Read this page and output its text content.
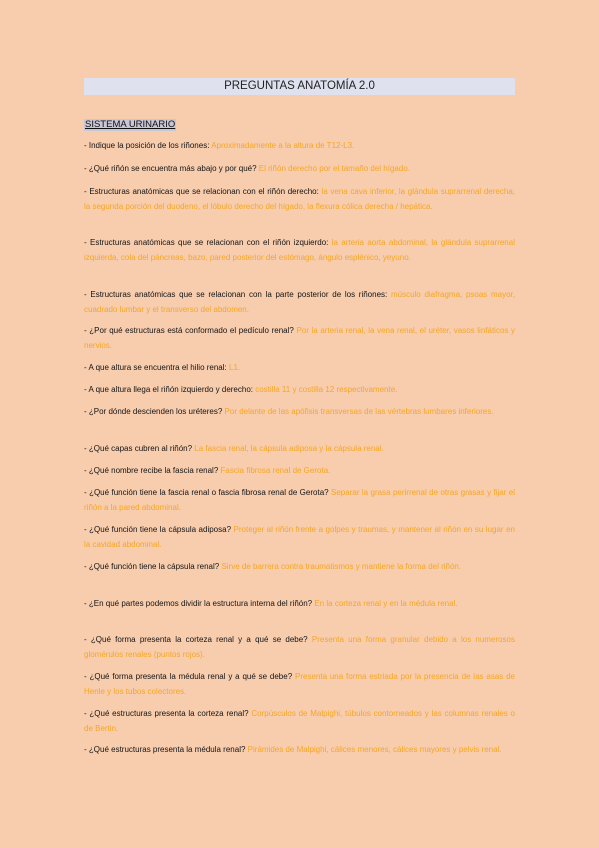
PREGUNTAS ANATOMÍA 2.0
SISTEMA URINARIO

- Indique la posición de los riñones: Aproximadamente a la altura de T12-L3.

- ¿Qué riñón se encuentra más abajo y por qué? El riñón derecho por el tamaño del hígado.

- Estructuras anatómicas que se relacionan con el riñón derecho: la vena cava inferior, la glándula suprarrenal derecha, la segunda porción del duodeno, el lóbulo derecho del hígado, la flexura cólica derecha / hepática.

- Estructuras anatómicas que se relacionan con el riñón izquierdo: la arteria aorta abdominal, la glándula suprarrenal izquierda, cola del páncreas, bazo, pared posterior del estómago, ángulo esplénico, yeyuno.

- Estructuras anatómicas que se relacionan con la parte posterior de los riñones: músculo diafragma, psoas mayor, cuadrado lumbar y el transverso del abdomen.

- ¿Por qué estructuras está conformado el pedículo renal? Por la arteria renal, la vena renal, el uréter, vasos linfáticos y nervios.

- A que altura se encuentra el hilio renal: L1.

- A que altura llega el riñón izquierdo y derecho: costilla 11 y costilla 12 respectivamente.

- ¿Por dónde descienden los uréteres? Por delante de las apófisis transversas de las vértebras lumbares inferiores.

- ¿Qué capas cubren al riñón? La fascia renal, la cápsula adiposa y la cápsula renal.

- ¿Qué nombre recibe la fascia renal? Fascia fibrosa renal de Gerota.

- ¿Qué función tiene la fascia renal o fascia fibrosa renal de Gerota? Separar la grasa perirrenal de otras grasas y fijar el riñón a la pared abdominal.

- ¿Qué función tiene la cápsula adiposa? Proteger al riñón frente a golpes y traumas, y mantener al riñón en su lugar en la cavidad abdominal.

- ¿Qué función tiene la cápsula renal? Sirve de barrera contra traumatismos y mantiene la forma del riñón.

- ¿En qué partes podemos dividir la estructura interna del riñón? En la corteza renal y en la médula renal.

- ¿Qué forma presenta la corteza renal y a qué se debe? Presenta una forma granular debido a los numerosos glomérulos renales (puntos rojos).

- ¿Qué forma presenta la médula renal y a qué se debe? Presenta una forma estriada por la presencia de las asas de Henle y los tubos colectores.

- ¿Qué estructuras presenta la corteza renal? Corpúsculos de Malpighi, túbulos contorneados y las columnas renales o de Bertin.

- ¿Qué estructuras presenta la médula renal? Pirámides de Malpighi, cálices menores, cálices mayores y pelvis renal.
